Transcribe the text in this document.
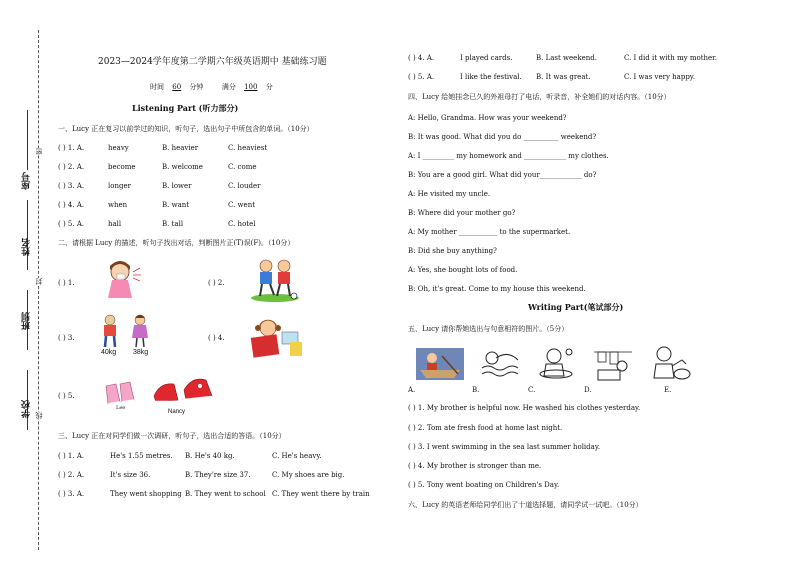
座号
姓名
班别
学校
密
封
线
2023—2024学年度第二学期六年级英语期中 基础练习题
时间 60 分钟	满分 100 分
Listening Part (听力部分)
一、Lucy 正在复习以前学过的知识，听句子，选出句子中所包含的单词。（10分）
( ) 1. A.	heavy	B. heavier	C. heaviest
( ) 2. A.	become	B. welcome	C. come
( ) 3. A.	longer	B. lower	C. louder
( ) 4. A.	when	B. want	C. went
( ) 5. A.	hall	B. tall	C. hotel
二、请根据 Lucy 的描述，听句子找出对话，判断图片正(T)误(F)。（10分）
( ) 1.	( ) 2.
( ) 3.
40kg 38kg
( ) 4.
( ) 5.
Lee
Nancy
三、Lucy 正在对同学们做一次调研，听句子，选出合适的答语。（10分）
( ) 1. A.	He's 1.55 metres. B. He's 40 kg.	C. He's heavy.
( ) 2. A.	It's size 36.	B. They're size 37.	C. My shoes are big.
( ) 3. A.	They went shopping B. They went to school C. They went there by train
( ) 4. A.	I played cards.	B. Last weekend.	C. I did it with my mother.
( ) 5. A.	I like the festival. B. It was great.	C. I was very happy.
四、Lucy 给她挂念已久的外祖母打了电话，听录音，补全她们的对话内容。（10分）
A: Hello, Grandma. How was your weekend?
B: It was good. What did you do __________ weekend?
A: I _________ my homework and ____________ my clothes.
B: You are a good girl. What did your____________ do?
A: He visited my uncle.
B: Where did your mother go?
A: My mother ___________ to the supermarket.
B: Did she buy anything?
A: Yes, she bought lots of food.
B: Oh, it's great. Come to my house this weekend.
Writing Part(笔试部分)
五、Lucy 请你帮她选出与句意相符的图片。（5分）
A.	B.	C.	D.	E.
( ) 1. My brother is helpful now. He washed his clothes yesterday.
( ) 2. Tom ate fresh food at home last night.
( ) 3. I went swimming in the sea last summer holiday.
( ) 4. My brother is stronger than me.
( ) 5. Tony went boating on Children's Day.
六、Lucy 的英语老师给同学们出了十道选择题，请同学试一试吧。（10分）
